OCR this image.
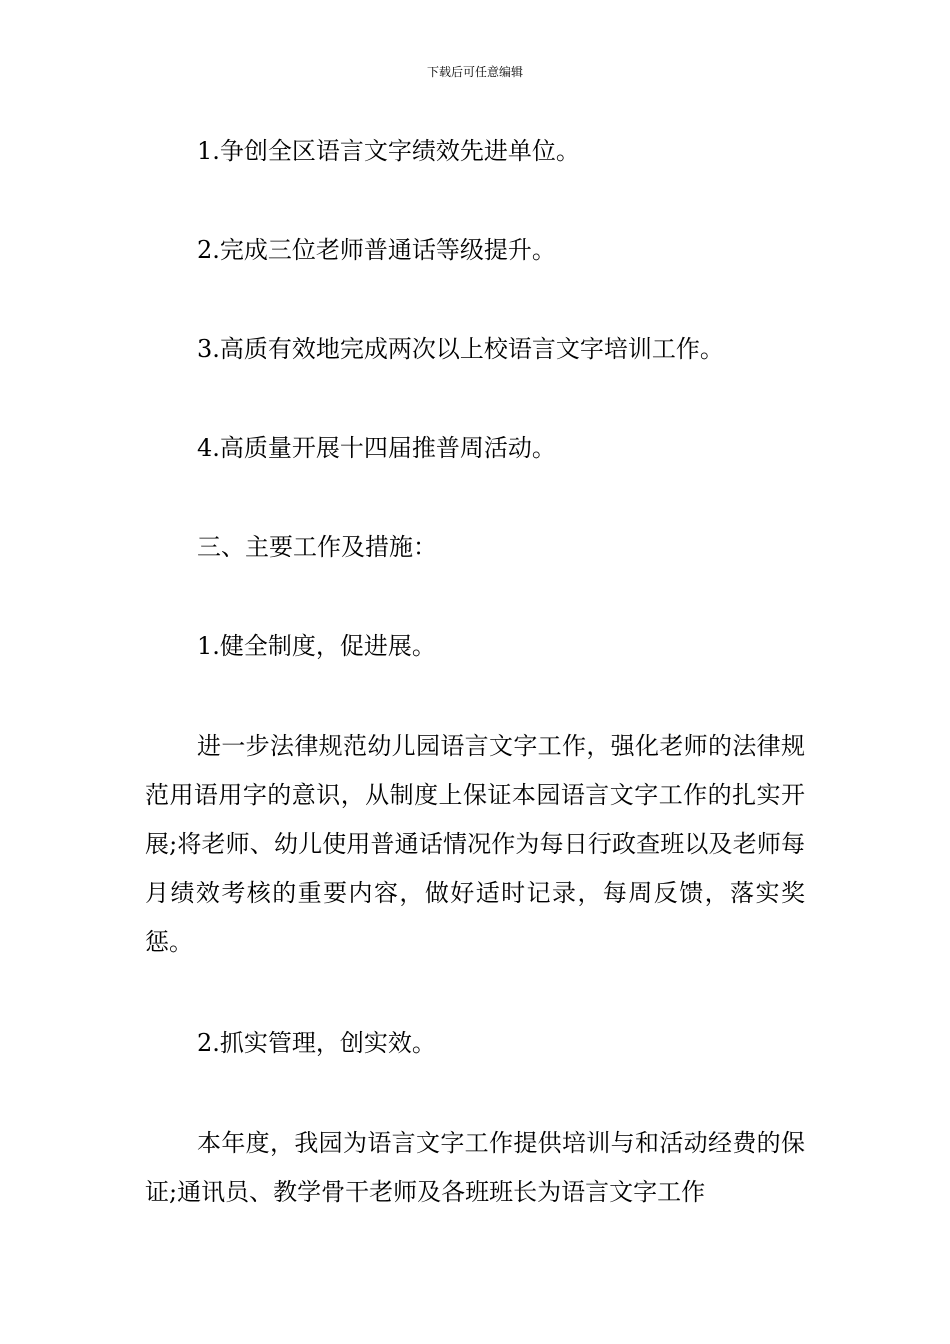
下载后可任意编辑
1.争创全区语言文字绩效先进单位。
2.完成三位老师普通话等级提升。
3.高质有效地完成两次以上校语言文字培训工作。
4.高质量开展十四届推普周活动。
三、主要工作及措施：
1.健全制度，促进展。
进一步法律规范幼儿园语言文字工作，强化老师的法律规范用语用字的意识，从制度上保证本园语言文字工作的扎实开展;将老师、幼儿使用普通话情况作为每日行政查班以及老师每月绩效考核的重要内容，做好适时记录，每周反馈，落实奖惩。
2.抓实管理，创实效。
本年度，我园为语言文字工作提供培训与和活动经费的保证;通讯员、教学骨干老师及各班班长为语言文字工作
